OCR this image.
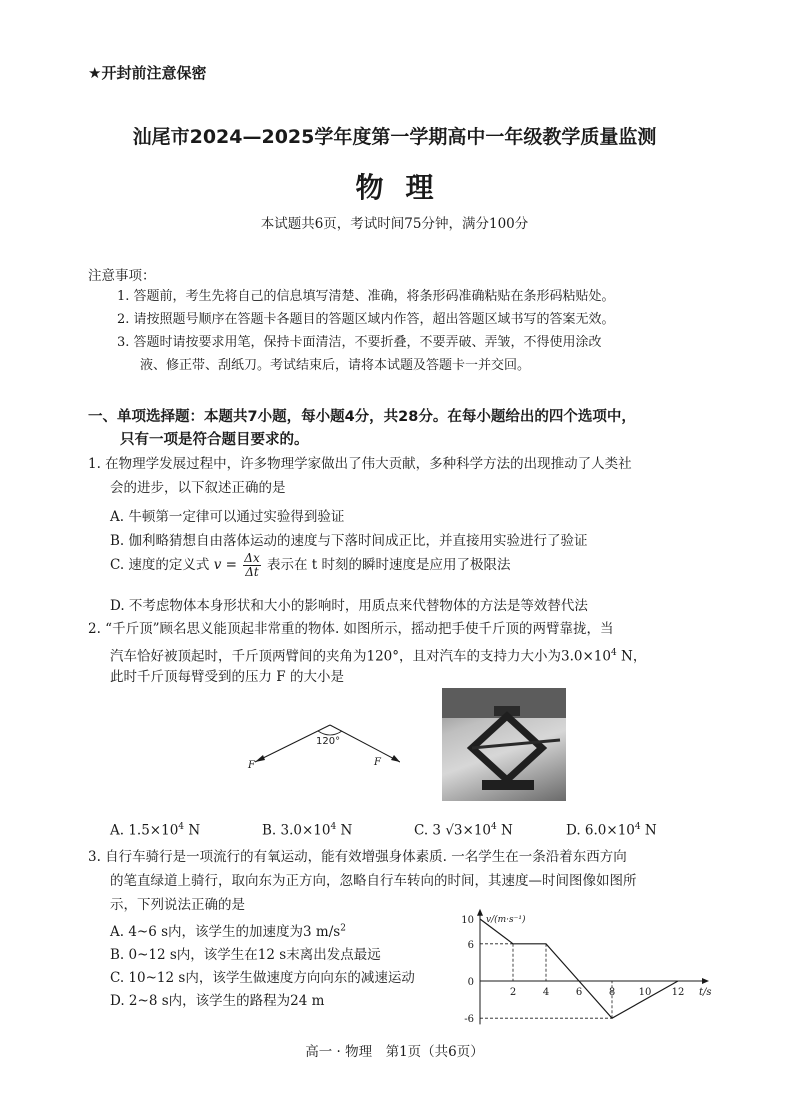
★开封前注意保密
汕尾市2024—2025学年度第一学期高中一年级教学质量监测
物理
本试题共6页，考试时间75分钟，满分100分
注意事项：
1. 答题前，考生先将自己的信息填写清楚、准确，将条形码准确粘贴在条形码粘贴处。
2. 请按照题号顺序在答题卡各题目的答题区域内作答，超出答题区域书写的答案无效。
3. 答题时请按要求用笔，保持卡面清洁，不要折叠，不要弄破、弄皱，不得使用涂改
液、修正带、刮纸刀。考试结束后，请将本试题及答题卡一并交回。
一、单项选择题：本题共7小题，每小题4分，共28分。在每小题给出的四个选项中，
只有一项是符合题目要求的。
1. 在物理学发展过程中，许多物理学家做出了伟大贡献，多种科学方法的出现推动了人类社
会的进步，以下叙述正确的是
A. 牛顿第一定律可以通过实验得到验证
B. 伽利略猜想自由落体运动的速度与下落时间成正比，并直接用实验进行了验证
C. 速度的定义式 $v = \frac{\Delta x}{\Delta t}$ 表示在 t 时刻的瞬时速度是应用了极限法
D. 不考虑物体本身形状和大小的影响时，用质点来代替物体的方法是等效替代法
2. “千斤顶”顾名思义能顶起非常重的物体. 如图所示，摇动把手使千斤顶的两臂靠拢，当
汽车恰好被顶起时，千斤顶两臂间的夹角为120°，且对汽车的支持力大小为$3.0\times 10^4$ N，
此时千斤顶每臂受到的压力 F 的大小是
120°
F	F
A. $1.5\times 10^4$ N	B. $3.0\times 10^4$ N	C. 3 $√3\times 10^4$ N	D. $6.0\times 10^4$ N
3. 自行车骑行是一项流行的有氧运动，能有效增强身体素质. 一名学生在一条沿着东西方向
的笔直绿道上骑行，取向东为正方向，忽略自行车转向的时间，其速度—时间图像如图所
示，下列说法正确的是
A. 4~6 s内，该学生的加速度为3 $m/s^2$
B. 0~12 s内，该学生在12 s末离出发点最远
C. 10~12 s内，该学生做速度方向向东的减速运动
D. 2~8 s内，该学生的路程为24 m
2	4	6	8 10 12
10
6
0
-6
v/(m·s⁻¹)
t/s
高一 · 物理　第1页（共6页）
